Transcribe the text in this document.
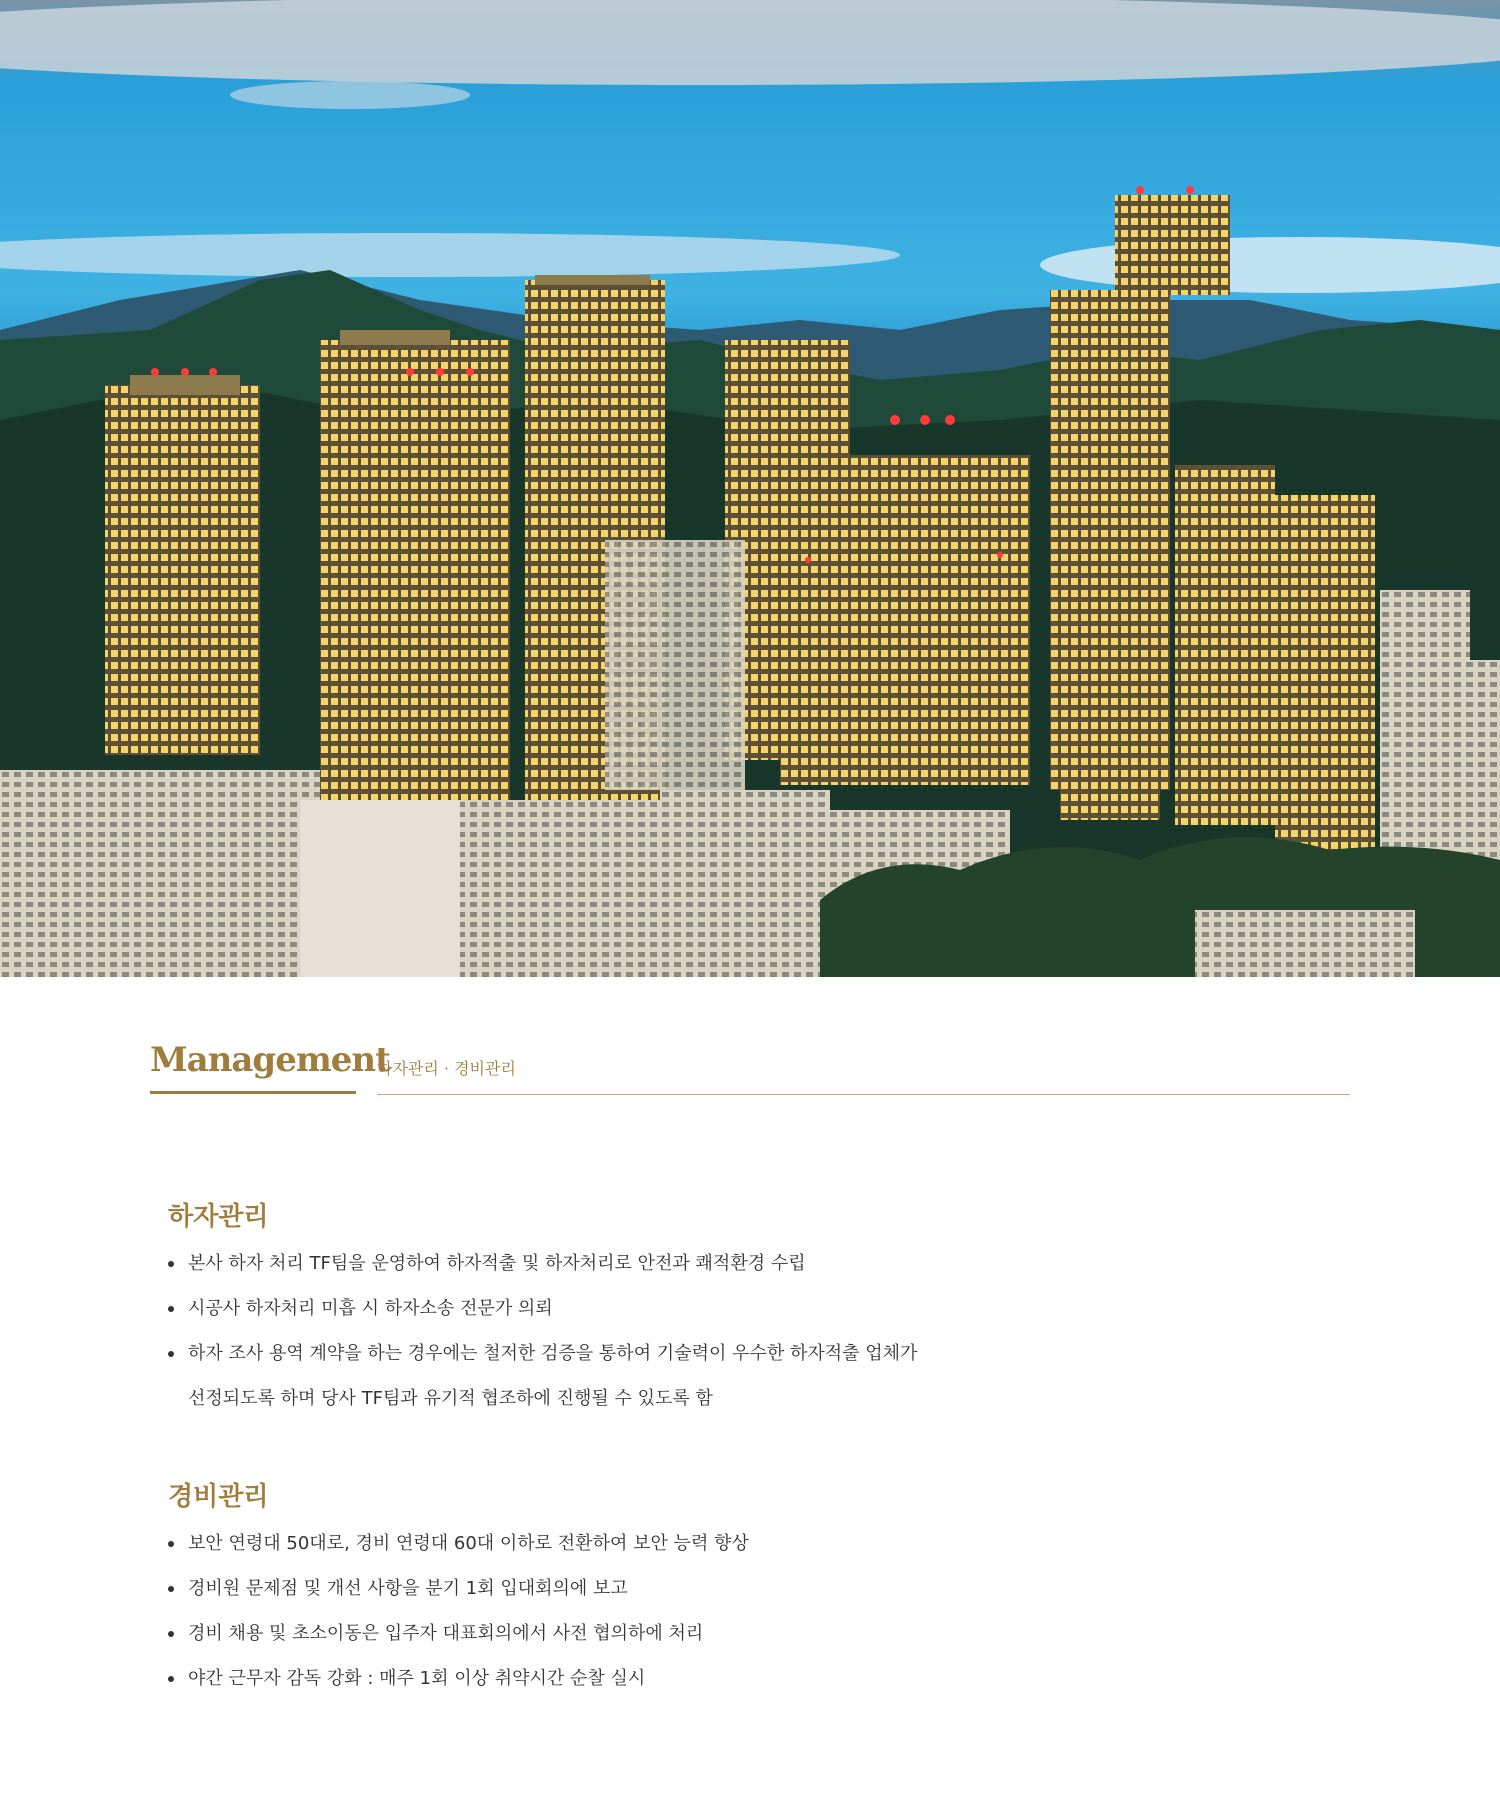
Management
하자관리 · 경비관리
하자관리
본사 하자 처리 TF팀을 운영하여 하자적출 및 하자처리로 안전과 쾌적환경 수립
시공사 하자처리 미흡 시 하자소송 전문가 의뢰
하자 조사 용역 계약을 하는 경우에는 철저한 검증을 통하여 기술력이 우수한 하자적출 업체가
선정되도록 하며 당사 TF팀과 유기적 협조하에 진행될 수 있도록 함
경비관리
보안 연령대 50대로, 경비 연령대 60대 이하로 전환하여 보안 능력 향상
경비원 문제점 및 개선 사항을 분기 1회 입대회의에 보고
경비 채용 및 초소이동은 입주자 대표회의에서 사전 협의하에 처리
야간 근무자 감독 강화 : 매주 1회 이상 취약시간 순찰 실시
